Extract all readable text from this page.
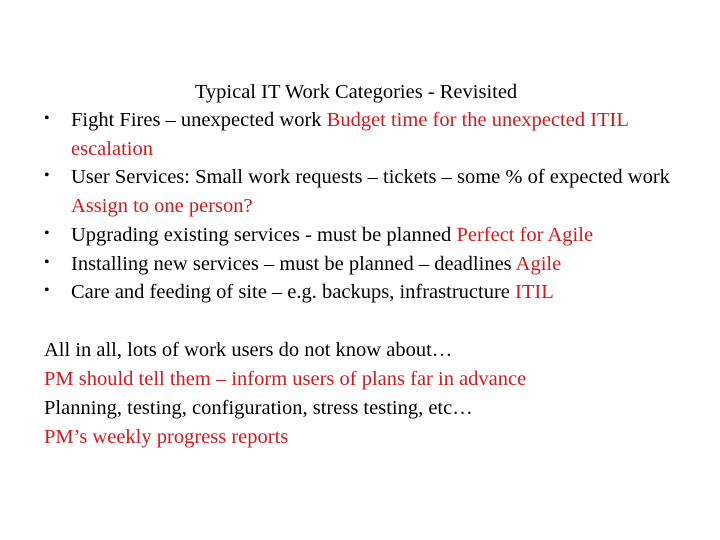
Typical IT Work Categories - Revisited
• Fight Fires – unexpected work Budget time for the unexpected ITIL escalation
• User Services: Small work requests – tickets – some % of expected work Assign to one person?
• Upgrading existing services - must be planned Perfect for Agile
• Installing new services – must be planned – deadlines Agile
• Care and feeding of site – e.g. backups, infrastructure ITIL
All in all, lots of work users do not know about…
PM should tell them – inform users of plans far in advance
Planning, testing, configuration, stress testing, etc…
PM’s weekly progress reports
